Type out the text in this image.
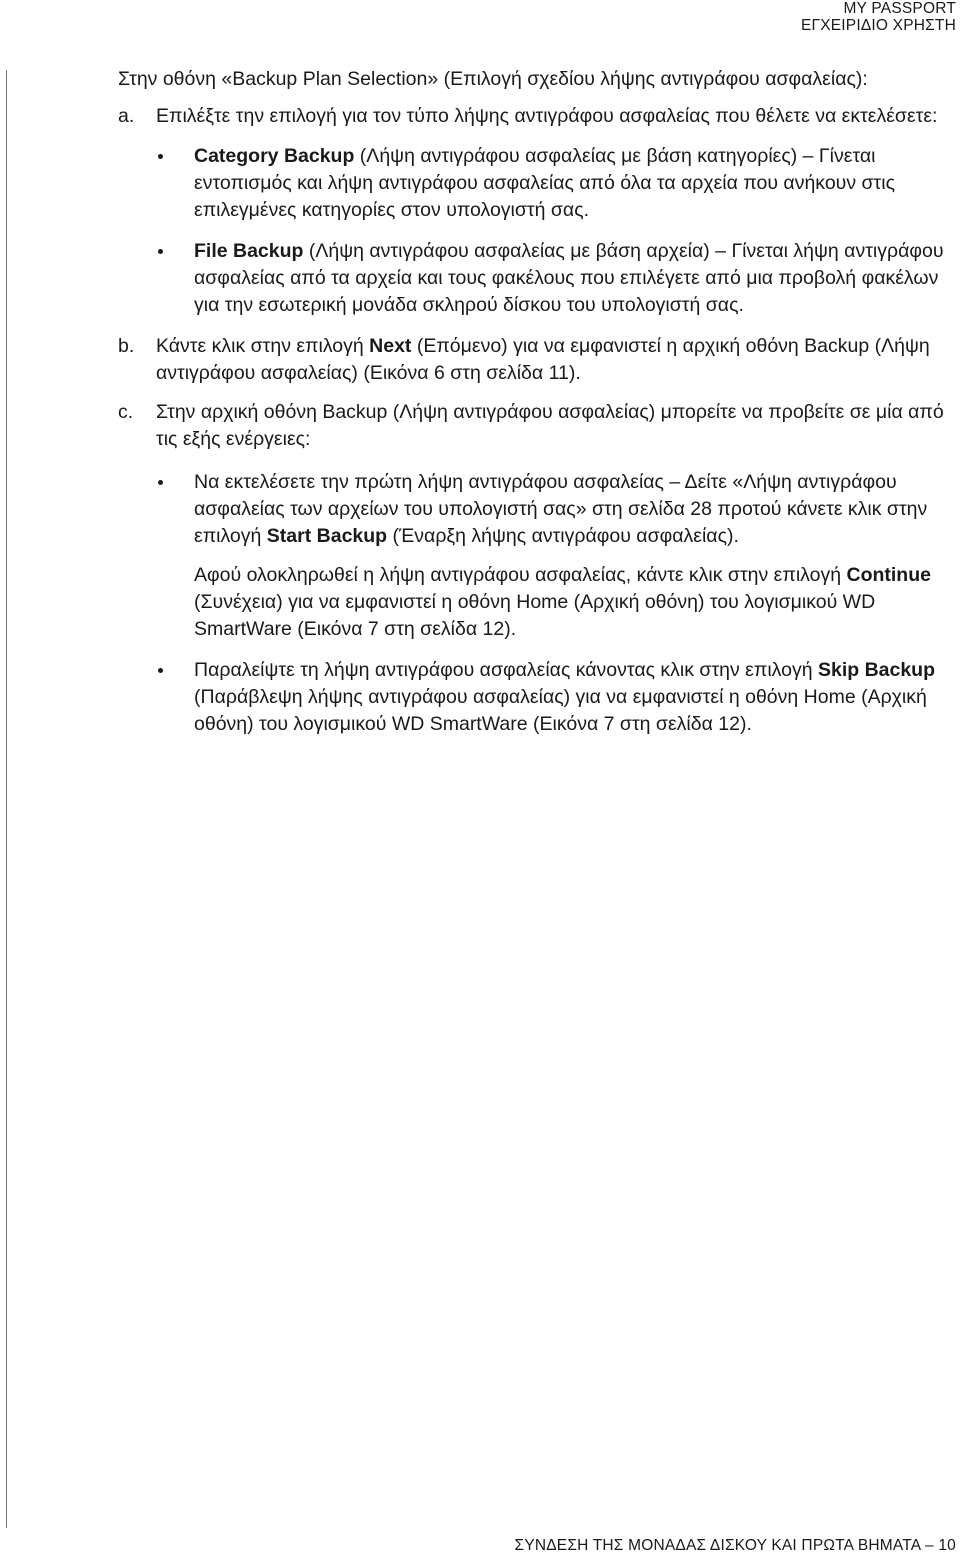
MY PASSPORT
ΕΓΧΕΙΡΙΔΙΟ ΧΡΗΣΤΗ

Στην οθόνη «Backup Plan Selection» (Επιλογή σχεδίου λήψης αντιγράφου ασφαλείας):

a.	Επιλέξτε την επιλογή για τον τύπο λήψης αντιγράφου ασφαλείας που θέλετε να εκτελέσετε:
Category Backup (Λήψη αντιγράφου ασφαλείας με βάση κατηγορίες) – Γίνεται εντοπισμός και λήψη αντιγράφου ασφαλείας από όλα τα αρχεία που ανήκουν στις επιλεγμένες κατηγορίες στον υπολογιστή σας.
File Backup (Λήψη αντιγράφου ασφαλείας με βάση αρχεία) – Γίνεται λήψη αντιγράφου ασφαλείας από τα αρχεία και τους φακέλους που επιλέγετε από μια προβολή φακέλων για την εσωτερική μονάδα σκληρού δίσκου του υπολογιστή σας.
b.	Κάντε κλικ στην επιλογή Next (Επόμενο) για να εμφανιστεί η αρχική οθόνη Backup (Λήψη αντιγράφου ασφαλείας) (Εικόνα 6 στη σελίδα 11).
c.	Στην αρχική οθόνη Backup (Λήψη αντιγράφου ασφαλείας) μπορείτε να προβείτε σε μία από τις εξής ενέργειες:
Να εκτελέσετε την πρώτη λήψη αντιγράφου ασφαλείας – Δείτε «Λήψη αντιγράφου ασφαλείας των αρχείων του υπολογιστή σας» στη σελίδα 28 προτού κάνετε κλικ στην επιλογή Start Backup (Έναρξη λήψης αντιγράφου ασφαλείας).
Αφού ολοκληρωθεί η λήψη αντιγράφου ασφαλείας, κάντε κλικ στην επιλογή Continue (Συνέχεια) για να εμφανιστεί η οθόνη Home (Αρχική οθόνη) του λογισμικού WD SmartWare (Εικόνα 7 στη σελίδα 12).
Παραλείψτε τη λήψη αντιγράφου ασφαλείας κάνοντας κλικ στην επιλογή Skip Backup (Παράβλεψη λήψης αντιγράφου ασφαλείας) για να εμφανιστεί η οθόνη Home (Αρχική οθόνη) του λογισμικού WD SmartWare (Εικόνα 7 στη σελίδα 12).
ΣΥΝΔΕΣΗ ΤΗΣ ΜΟΝΑΔΑΣ ΔΙΣΚΟΥ ΚΑΙ ΠΡΩΤΑ ΒΗΜΑΤΑ – 10
